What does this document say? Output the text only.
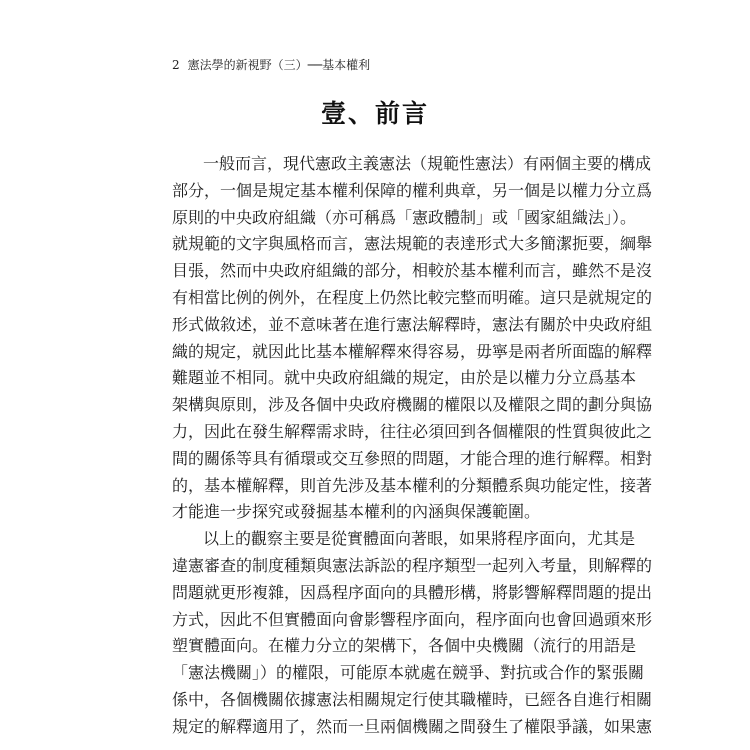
2 憲法學的新視野（三）──基本權利
壹、前言
一般而言，現代憲政主義憲法（規範性憲法）有兩個主要的構成
部分，一個是規定基本權利保障的權利典章，另一個是以權力分立爲
原則的中央政府組織（亦可稱爲「憲政體制」或「國家組織法」）。
就規範的文字與風格而言，憲法規範的表達形式大多簡潔扼要，綱舉
目張，然而中央政府組織的部分，相較於基本權利而言，雖然不是沒
有相當比例的例外，在程度上仍然比較完整而明確。這只是就規定的
形式做敘述，並不意味著在進行憲法解釋時，憲法有關於中央政府組
織的規定，就因此比基本權解釋來得容易，毋寧是兩者所面臨的解釋
難題並不相同。就中央政府組織的規定，由於是以權力分立爲基本
架構與原則，涉及各個中央政府機關的權限以及權限之間的劃分與協
力，因此在發生解釋需求時，往往必須回到各個權限的性質與彼此之
間的關係等具有循環或交互參照的問題，才能合理的進行解釋。相對
的，基本權解釋，則首先涉及基本權利的分類體系與功能定性，接著
才能進一步探究或發掘基本權利的內涵與保護範圍。
以上的觀察主要是從實體面向著眼，如果將程序面向，尤其是
違憲審查的制度種類與憲法訴訟的程序類型一起列入考量，則解釋的
問題就更形複雜，因爲程序面向的具體形構，將影響解釋問題的提出
方式，因此不但實體面向會影響程序面向，程序面向也會回過頭來形
塑實體面向。在權力分立的架構下，各個中央機關（流行的用語是
「憲法機關」）的權限，可能原本就處在競爭、對抗或合作的緊張關
係中，各個機關依據憲法相關規定行使其職權時，已經各自進行相關
規定的解釋適用了，然而一旦兩個機關之間發生了權限爭議，如果憲
